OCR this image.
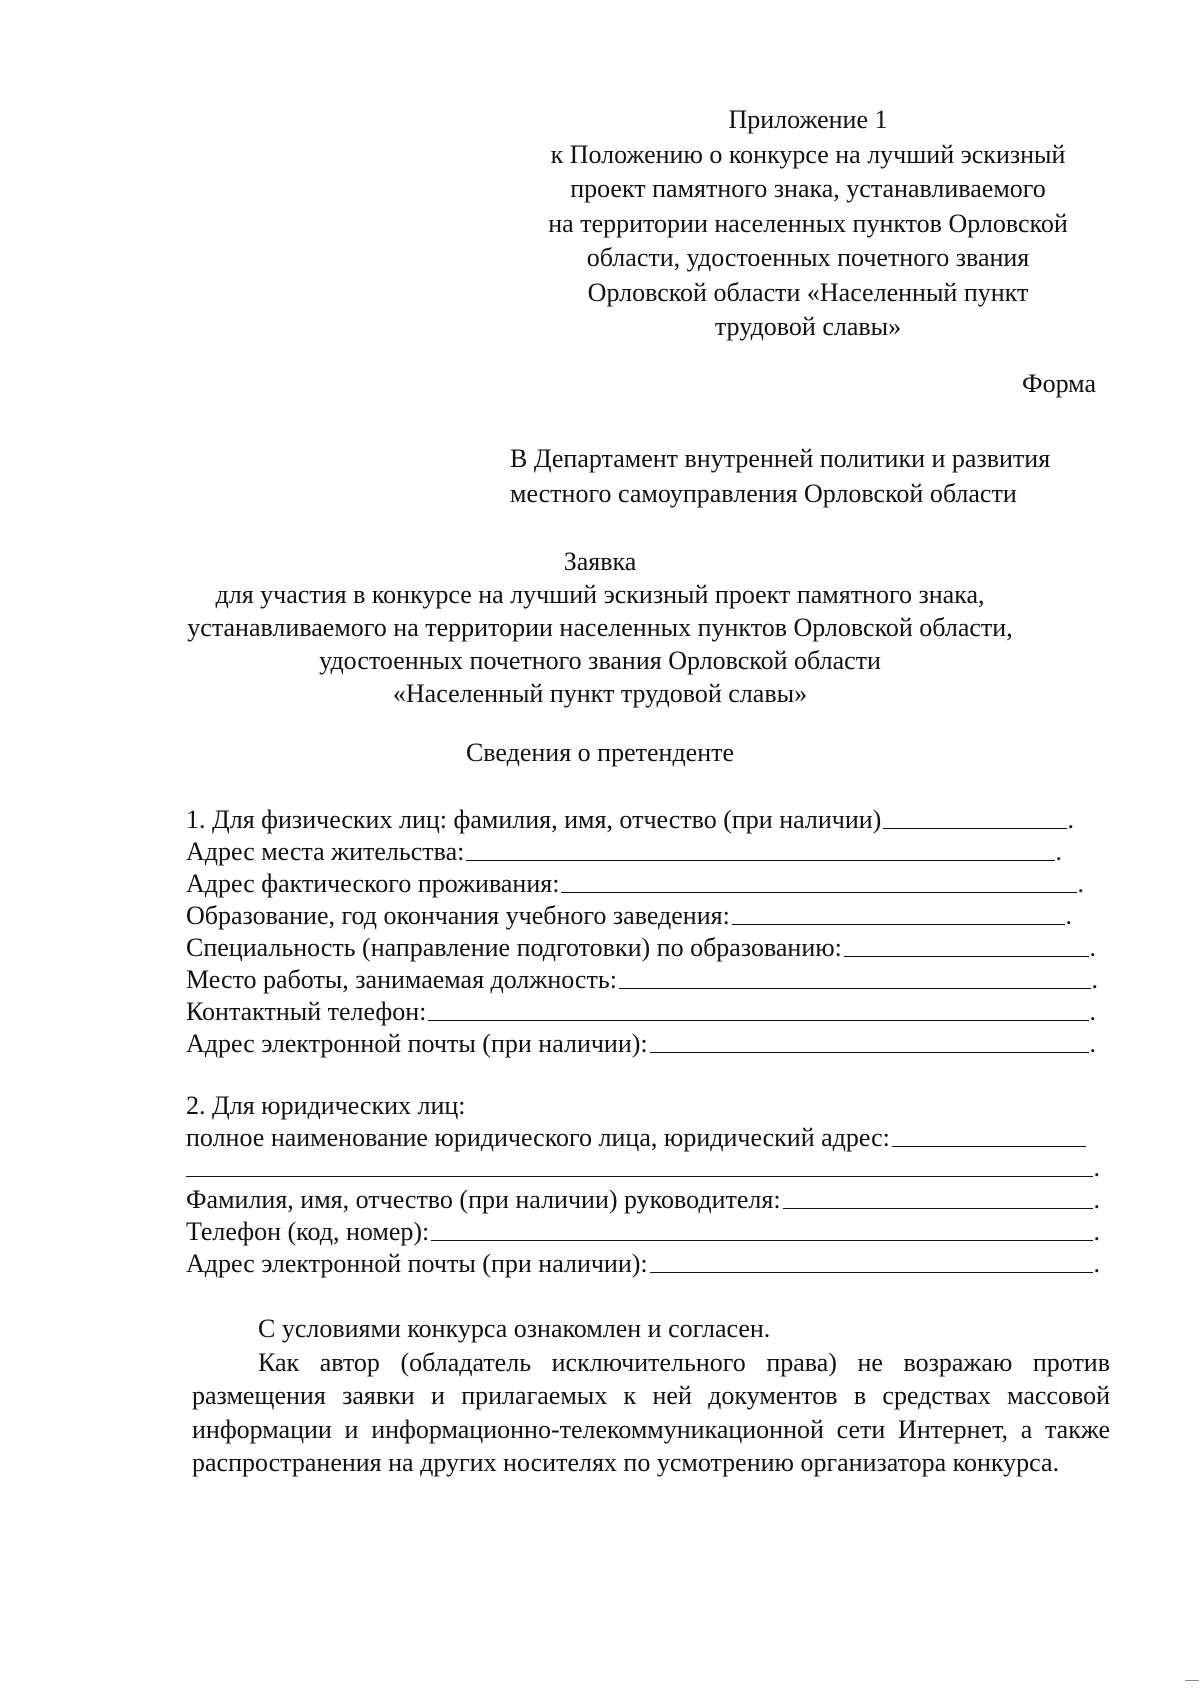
Приложение 1
к Положению о конкурсе на лучший эскизный
проект памятного знака, устанавливаемого
на территории населенных пунктов Орловской
области, удостоенных почетного звания
Орловской области «Населенный пункт
трудовой славы»
Форма
В Департамент внутренней политики и развития
местного самоуправления Орловской области
Заявка
для участия в конкурсе на лучший эскизный проект памятного знака,
устанавливаемого на территории населенных пунктов Орловской области,
удостоенных почетного звания Орловской области
«Населенный пункт трудовой славы»
Сведения о претенденте
1. Для физических лиц: фамилия, имя, отчество (при наличии)	.
Адрес места жительства:	.
Адрес фактического проживания:	.
Образование, год окончания учебного заведения:	.
Специальность (направление подготовки) по образованию:	.
Место работы, занимаемая должность:	.
Контактный телефон:	.
Адрес электронной почты (при наличии):	.
2. Для юридических лиц:
полное наименование юридического лица, юридический адрес:
.
Фамилия, имя, отчество (при наличии) руководителя:	.
Телефон (код, номер):	.
Адрес электронной почты (при наличии):	.

С условиями конкурса ознакомлен и согласен.

Как автор (обладатель исключительного права) не возражаю против размещения заявки и прилагаемых к ней документов в средствах массовой информации и информационно-телекоммуникационной сети Интернет, а также распространения на других носителях по усмотрению организатора конкурса.
